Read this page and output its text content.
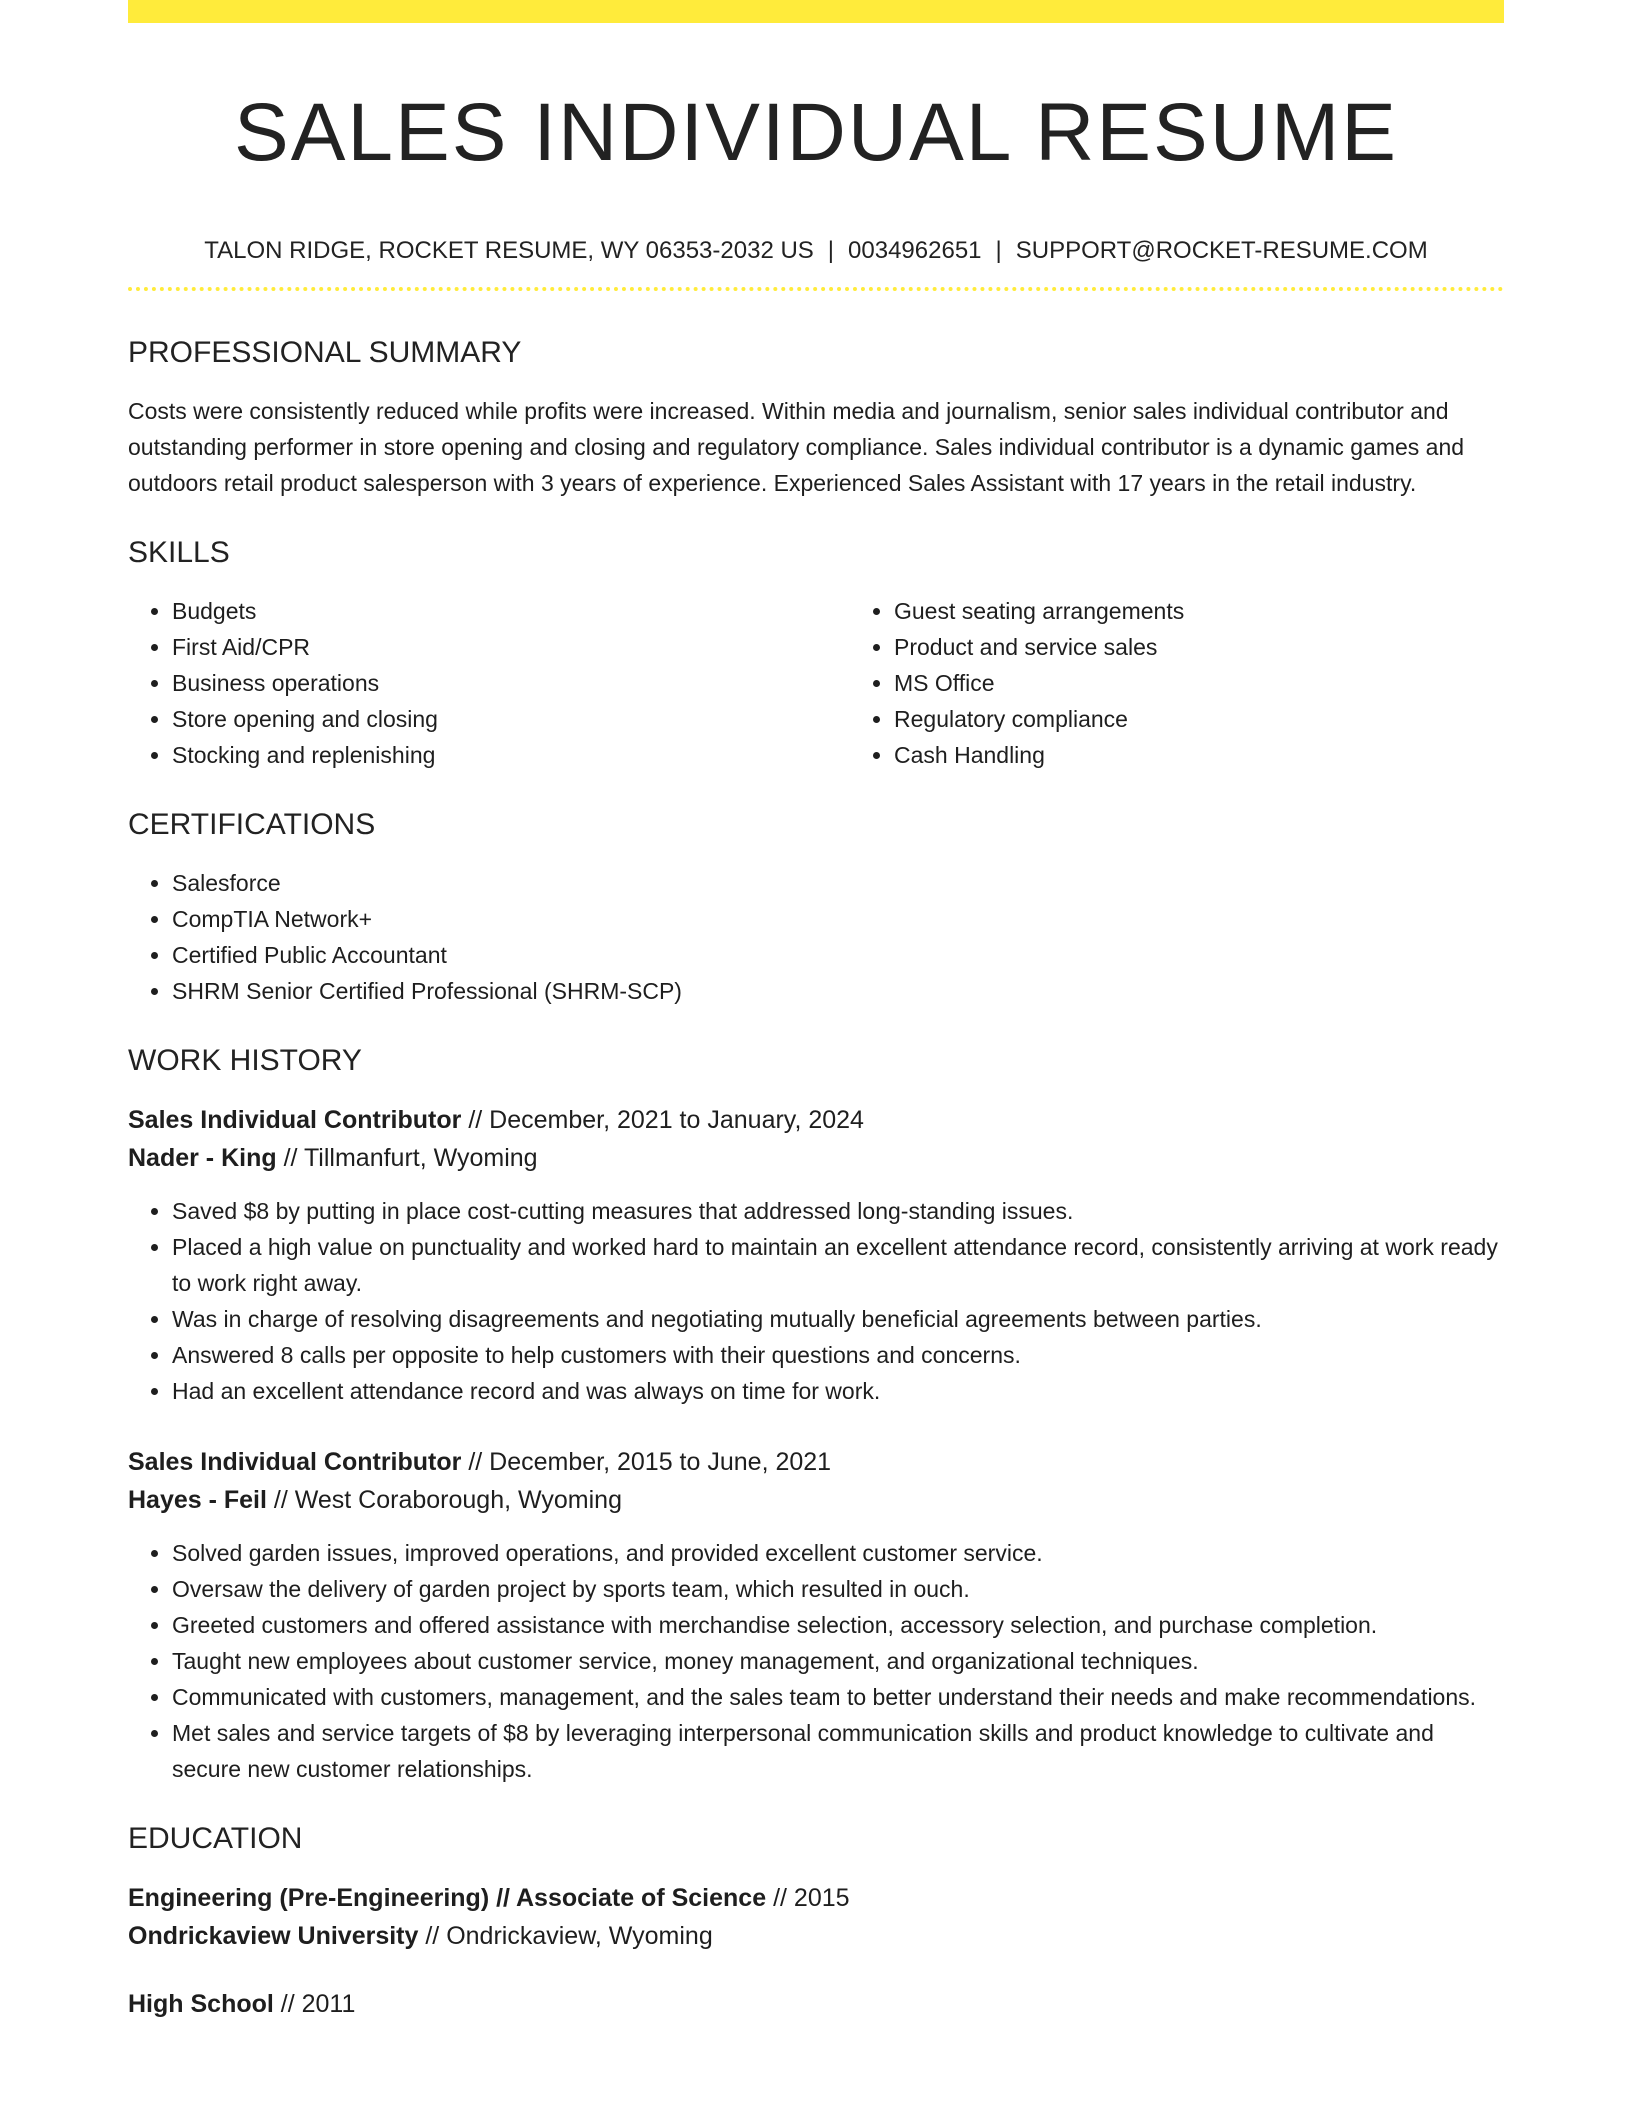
SALES INDIVIDUAL RESUME
TALON RIDGE, ROCKET RESUME, WY 06353-2032 US | 0034962651 | SUPPORT@ROCKET-RESUME.COM
PROFESSIONAL SUMMARY

Costs were consistently reduced while profits were increased. Within media and journalism, senior sales individual contributor and outstanding performer in store opening and closing and regulatory compliance. Sales individual contributor is a dynamic games and outdoors retail product salesperson with 3 years of experience. Experienced Sales Assistant with 17 years in the retail industry.

SKILLS
• Budgets
• First Aid/CPR
• Business operations
• Store opening and closing
• Stocking and replenishing
• Guest seating arrangements
• Product and service sales
• MS Office
• Regulatory compliance
• Cash Handling
CERTIFICATIONS
• Salesforce
• CompTIA Network+
• Certified Public Accountant
• SHRM Senior Certified Professional (SHRM-SCP)
WORK HISTORY
Sales Individual Contributor // December, 2021 to January, 2024
Nader - King // Tillmanfurt, Wyoming
• Saved $8 by putting in place cost-cutting measures that addressed long-standing issues.
• Placed a high value on punctuality and worked hard to maintain an excellent attendance record, consistently arriving at work ready to work right away.
• Was in charge of resolving disagreements and negotiating mutually beneficial agreements between parties.
• Answered 8 calls per opposite to help customers with their questions and concerns.
• Had an excellent attendance record and was always on time for work.
Sales Individual Contributor // December, 2015 to June, 2021
Hayes - Feil // West Coraborough, Wyoming
• Solved garden issues, improved operations, and provided excellent customer service.
• Oversaw the delivery of garden project by sports team, which resulted in ouch.
• Greeted customers and offered assistance with merchandise selection, accessory selection, and purchase completion.
• Taught new employees about customer service, money management, and organizational techniques.
• Communicated with customers, management, and the sales team to better understand their needs and make recommendations.
• Met sales and service targets of $8 by leveraging interpersonal communication skills and product knowledge to cultivate and secure new customer relationships.
EDUCATION
Engineering (Pre-Engineering) // Associate of Science // 2015
Ondrickaview University // Ondrickaview, Wyoming
High School // 2011
